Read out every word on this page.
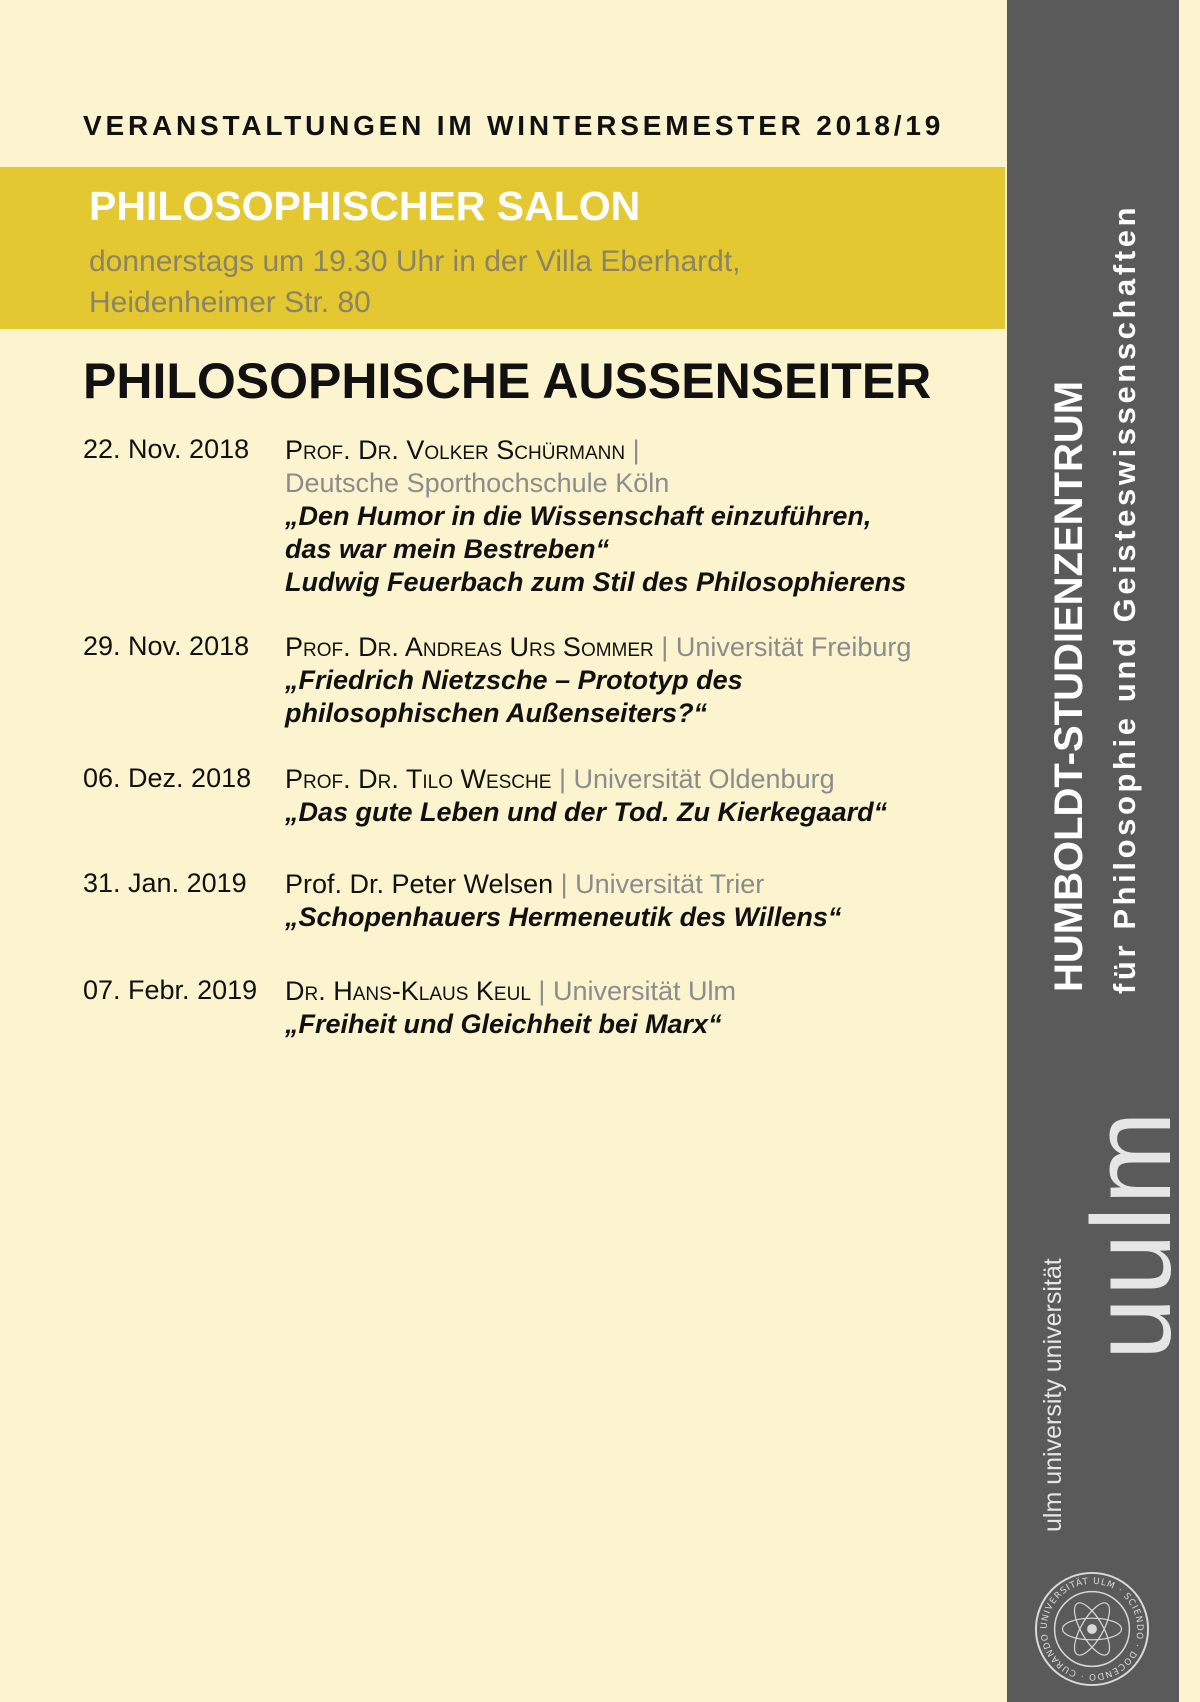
VERANSTALTUNGEN IM WINTERSEMESTER 2018/19
PHILOSOPHISCHER SALON
donnerstags um 19.30 Uhr in der Villa Eberhardt,
Heidenheimer Str. 80
PHILOSOPHISCHE AUSSENSEITER
22. Nov. 2018 Prof. Dr. Volker Schürmann |
Deutsche Sporthochschule Köln
„Den Humor in die Wissenschaft einzuführen,
das war mein Bestreben“
Ludwig Feuerbach zum Stil des Philosophierens
29. Nov. 2018 Prof. Dr. Andreas Urs Sommer | Universität Freiburg
„Friedrich Nietzsche – Prototyp des
philosophischen Außenseiters?“
06. Dez. 2018 Prof. Dr. Tilo Wesche | Universität Oldenburg
„Das gute Leben und der Tod. Zu Kierkegaard“
31. Jan. 2019 Prof. Dr. Peter Welsen | Universität Trier
„Schopenhauers Hermeneutik des Willens“
07. Febr. 2019 Dr. Hans-Klaus Keul | Universität Ulm
„Freiheit und Gleichheit bei Marx“
HUMBOLDT-STUDIENZENTRUM für Philosophie und Geisteswissenschaften
ulm university universität
uulm
UNIVERSITÄT ULM · SCIENDO · DOCENDO · CURANDO
